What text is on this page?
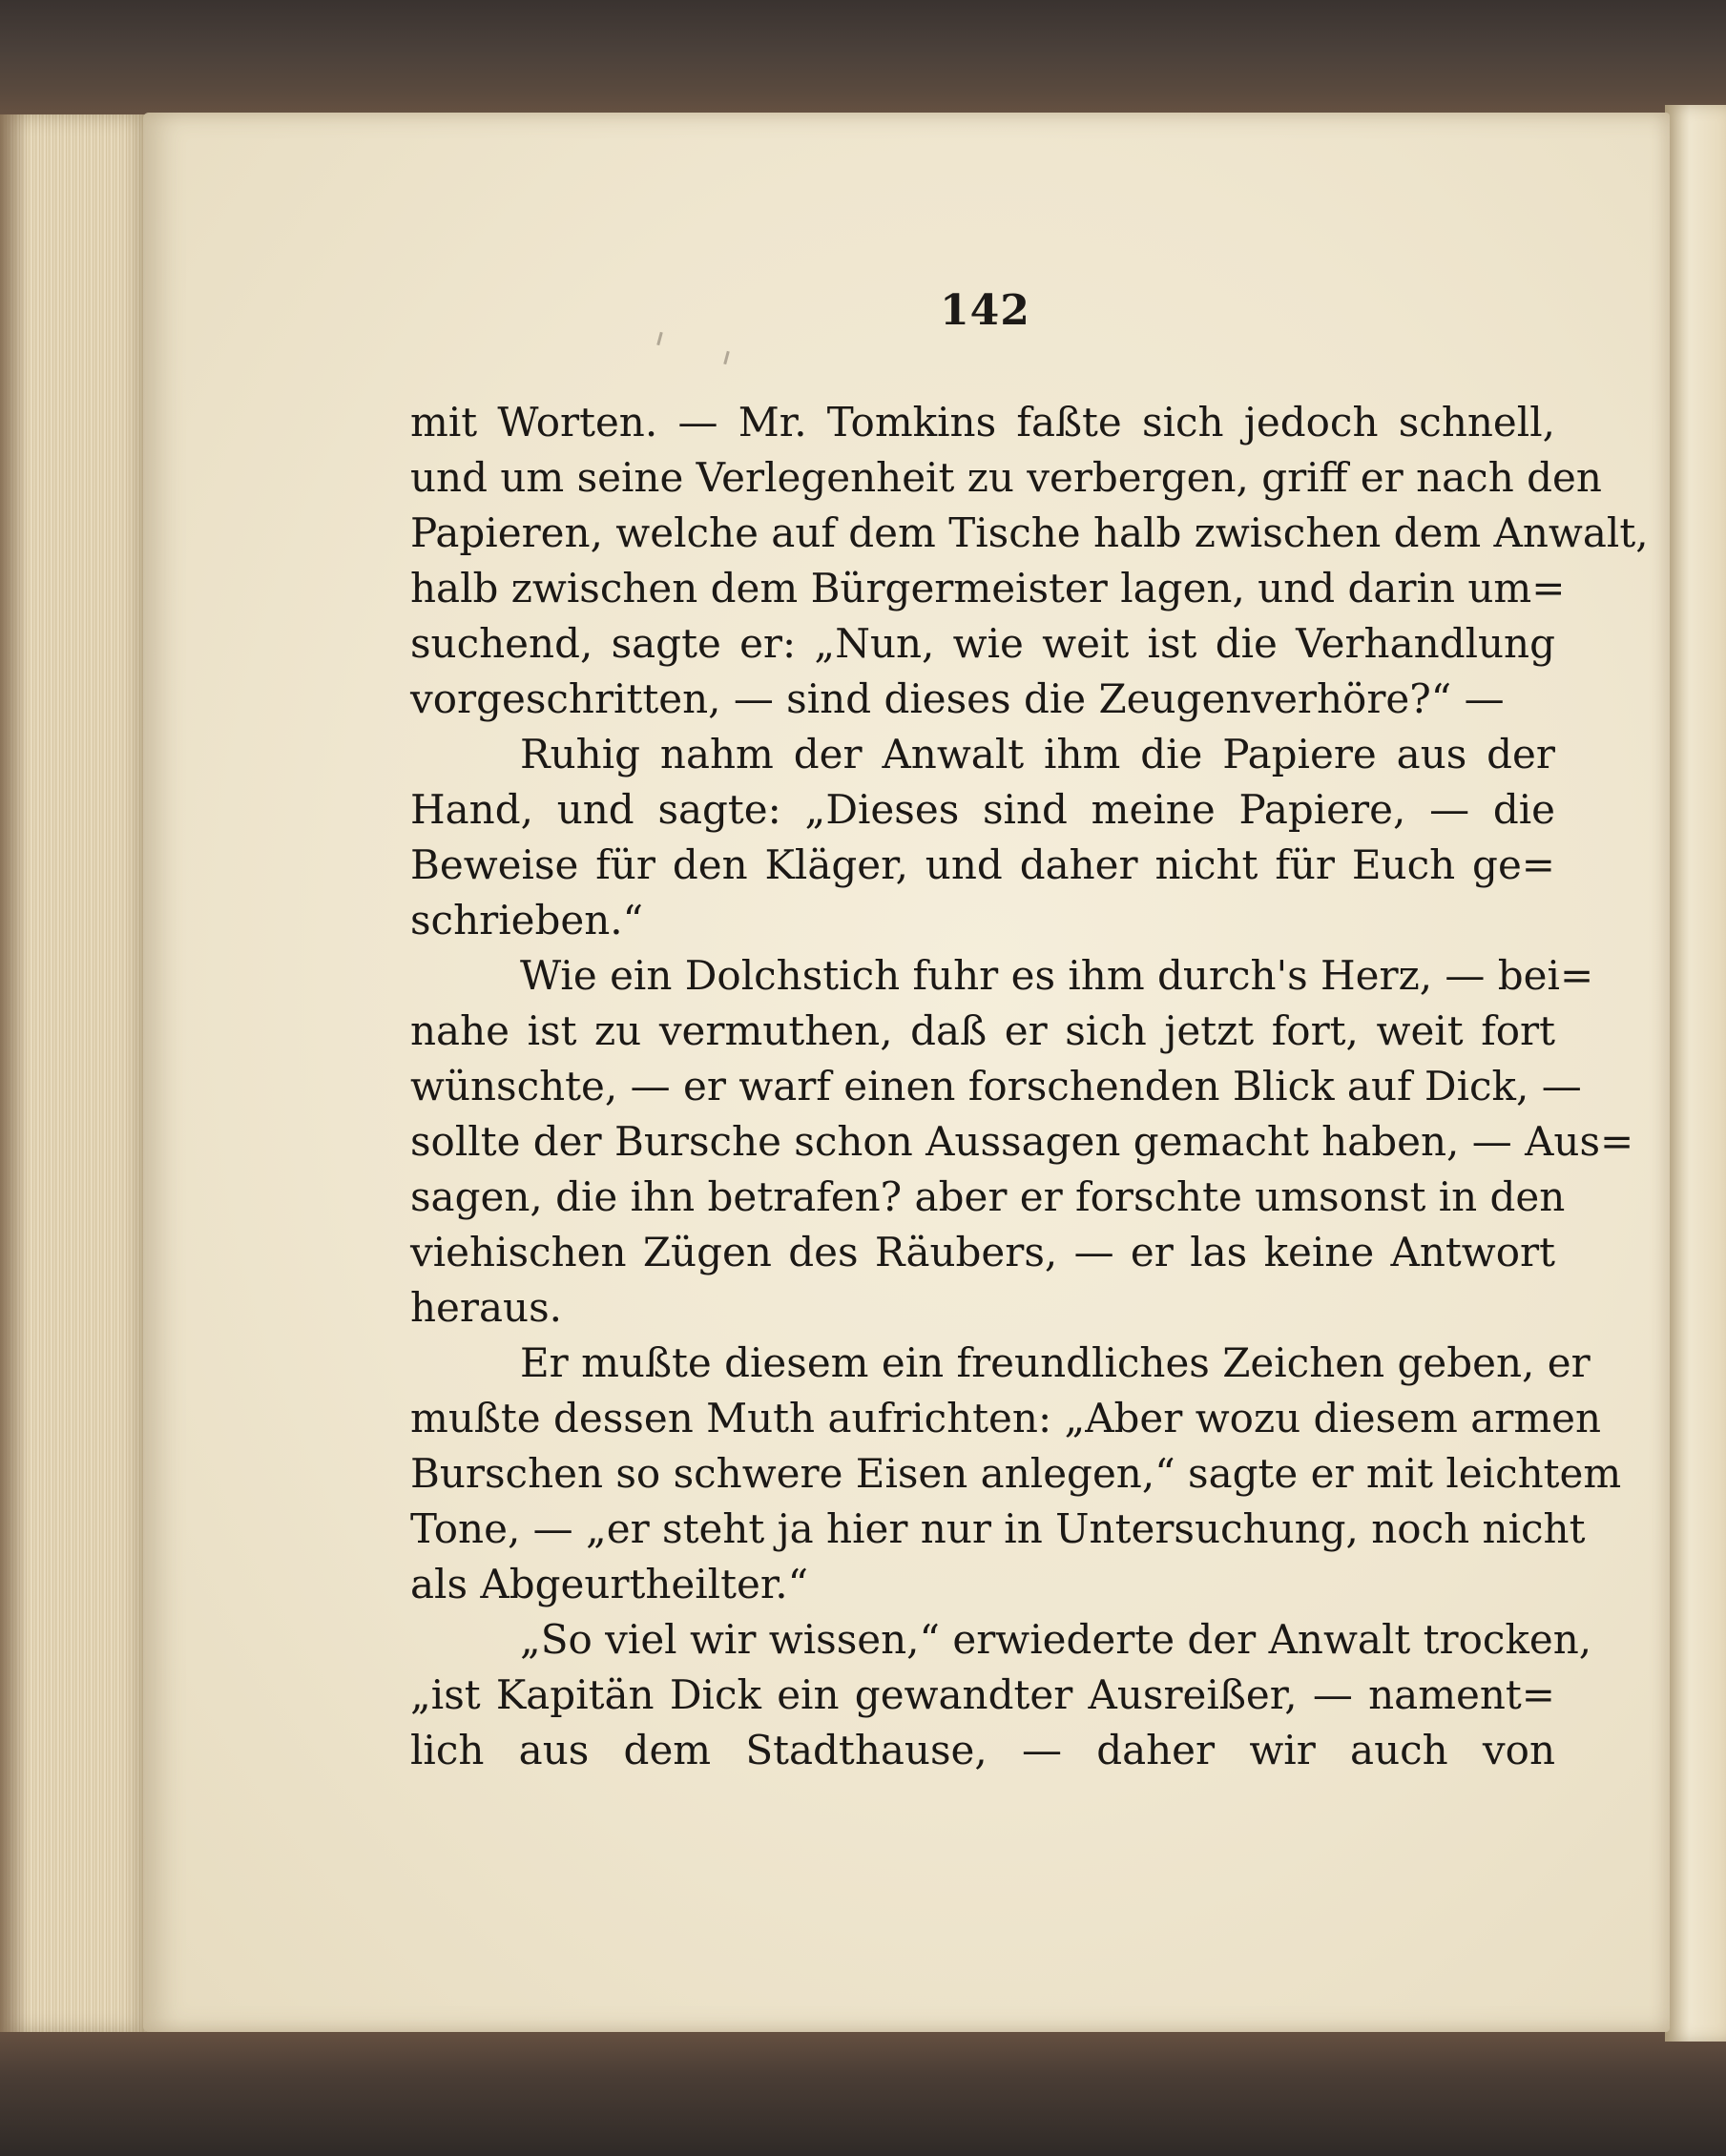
142
mit Worten. — Mr. Tomkins faßte sich jedoch schnell,
und um seine Verlegenheit zu verbergen, griff er nach den
Papieren, welche auf dem Tische halb zwischen dem Anwalt,
halb zwischen dem Bürgermeister lagen, und darin um=
suchend, sagte er: „Nun, wie weit ist die Verhandlung
vorgeschritten, — sind dieses die Zeugenverhöre?“ —
Ruhig nahm der Anwalt ihm die Papiere aus der
Hand, und sagte: „Dieses sind meine Papiere, — die
Beweise für den Kläger, und daher nicht für Euch ge=
schrieben.“
Wie ein Dolchstich fuhr es ihm durch's Herz, — bei=
nahe ist zu vermuthen, daß er sich jetzt fort, weit fort
wünschte, — er warf einen forschenden Blick auf Dick, —
sollte der Bursche schon Aussagen gemacht haben, — Aus=
sagen, die ihn betrafen? aber er forschte umsonst in den
viehischen Zügen des Räubers, — er las keine Antwort
heraus.
Er mußte diesem ein freundliches Zeichen geben, er
mußte dessen Muth aufrichten: „Aber wozu diesem armen
Burschen so schwere Eisen anlegen,“ sagte er mit leichtem
Tone, — „er steht ja hier nur in Untersuchung, noch nicht
als Abgeurtheilter.“
„So viel wir wissen,“ erwiederte der Anwalt trocken,
„ist Kapitän Dick ein gewandter Ausreißer, — nament=
lich aus dem Stadthause, — daher wir auch von
